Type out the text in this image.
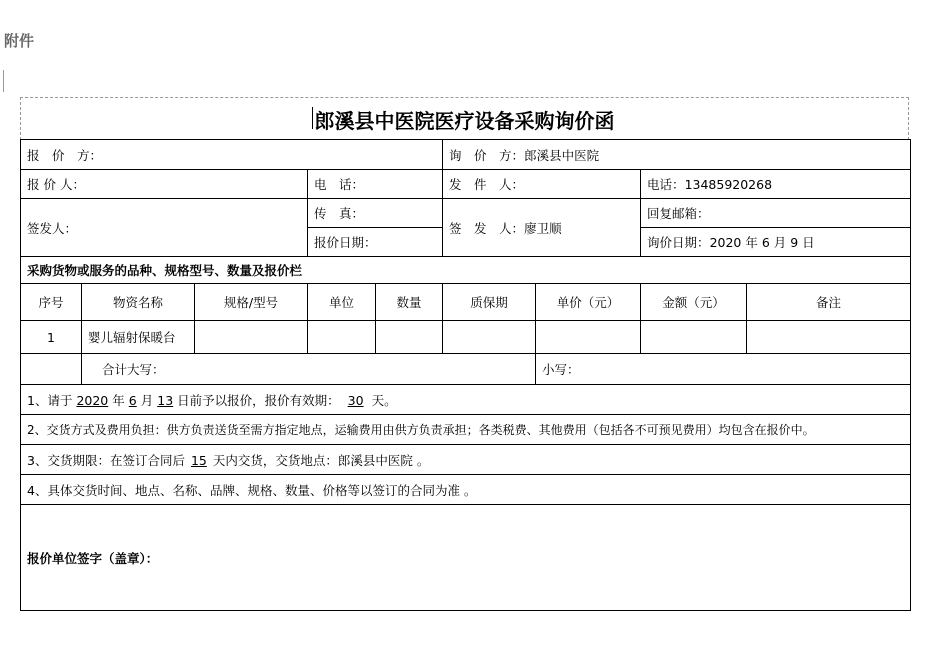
附件
郎溪县中医院医疗设备采购询价函
报　价　方：					询　价　方：郎溪县中医院			
报 价 人：			电　话：		发　件　人：		电话：13485920268	
签发人：			传　真：		签　发　人：廖卫顺		回复邮箱：	
			报价日期：				询价日期：2020 年 6 月 9 日	
采购货物或服务的品种、规格型号、数量及报价栏								
序号	物资名称	规格/型号	单位	数量	质保期	单价（元）	金额（元）	备注
1	婴儿辐射保暖台							
	合计大写：					小写：		
1、请于 2020 年 6 月 13 日前予以报价，报价有效期： 30 天。								
2、交货方式及费用负担：供方负责送货至需方指定地点，运输费用由供方负责承担；各类税费、其他费用（包括各不可预见费用）均包含在报价中。								
3、交货期限：在签订合同后 15 天内交货，交货地点：郎溪县中医院 。								
4、具体交货时间、地点、名称、品牌、规格、数量、价格等以签订的合同为准 。								
报价单位签字（盖章）：								
